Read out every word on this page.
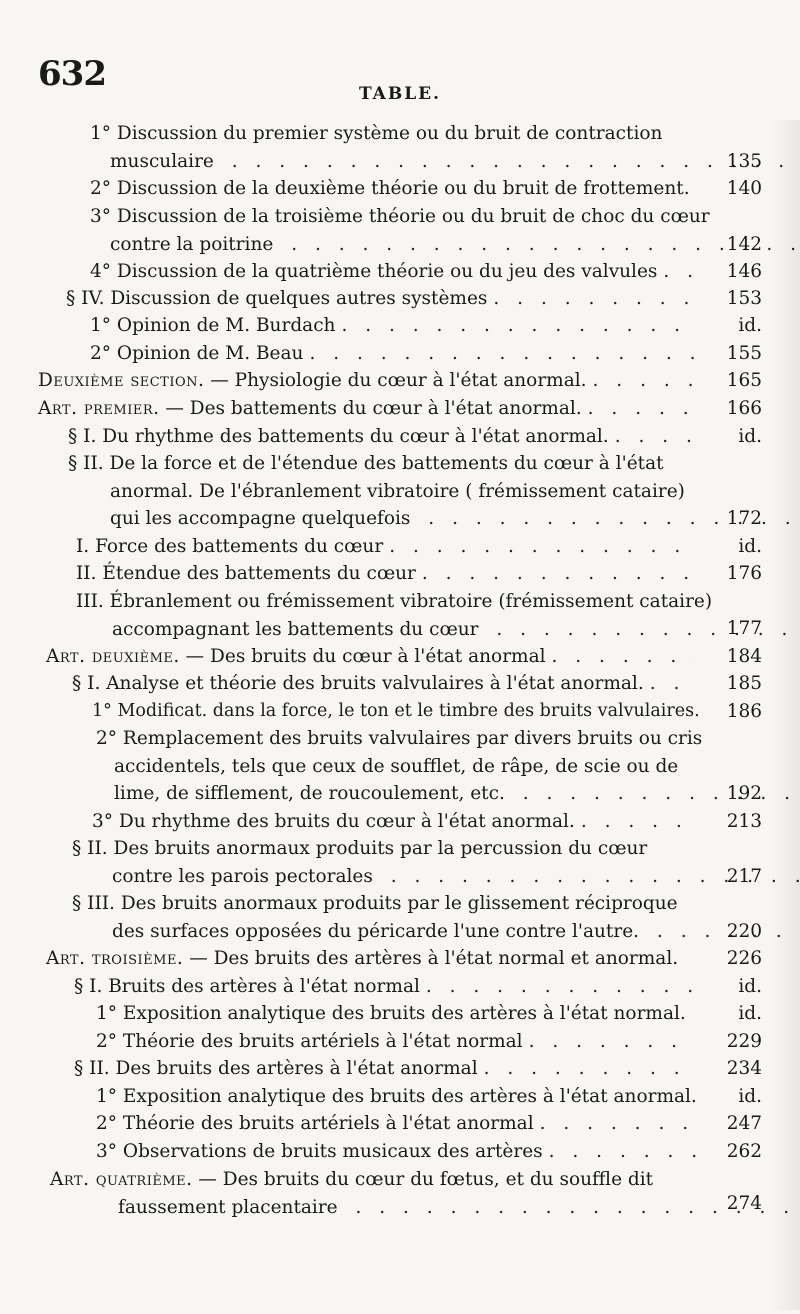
632	TABLE.
1° Discussion du premier système ou du bruit de contraction
musculaire . . .	135
2° Discussion de la deuxième théorie ou du bruit de frottement. 140
3° Discussion de la troisième théorie ou du bruit de choc du cœur
contre la poitrine . . .	142
4° Discussion de la quatrième théorie ou du jeu des valvules . . .	146
§ IV. Discussion de quelques autres systèmes . . .	153
1° Opinion de M. Burdach . . .	id.
2° Opinion de M. Beau . . .	155
Deuxième section. — Physiologie du cœur à l'état anormal. . . .	165
Art. premier. — Des battements du cœur à l'état anormal. . . .	166
§ I. Du rhythme des battements du cœur à l'état anormal. . . .	id.
§ II. De la force et de l'étendue des battements du cœur à l'état
anormal. De l'ébranlement vibratoire ( frémissement cataire)
qui les accompagne quelquefois . . .	172
I. Force des battements du cœur . . .	id.
II. Étendue des battements du cœur . . .	176
III. Ébranlement ou frémissement vibratoire (frémissement cataire)
accompagnant les battements du cœur . . .	177
Art. deuxième. — Des bruits du cœur à l'état anormal . . .	184
§ I. Analyse et théorie des bruits valvulaires à l'état anormal. . . .	185
1° Modificat. dans la force, le ton et le timbre des bruits valvulaires. 186
2° Remplacement des bruits valvulaires par divers bruits ou cris
accidentels, tels que ceux de soufflet, de râpe, de scie ou de
lime, de sifflement, de roucoulement, etc. . . .	192
3° Du rhythme des bruits du cœur à l'état anormal. . . .	213
§ II. Des bruits anormaux produits par la percussion du cœur
contre les parois pectorales . . .	217
§ III. Des bruits anormaux produits par le glissement réciproque
des surfaces opposées du péricarde l'une contre l'autre. . . .	220
Art. troisième. — Des bruits des artères à l'état normal et anormal.	226
§ I. Bruits des artères à l'état normal . . .	id.
1° Exposition analytique des bruits des artères à l'état normal.	id.
2° Théorie des bruits artériels à l'état normal . . .	229
§ II. Des bruits des artères à l'état anormal . . .	234
1° Exposition analytique des bruits des artères à l'état anormal. id.
2° Théorie des bruits artériels à l'état anormal . . .	247
3° Observations de bruits musicaux des artères . . .	262
Art. quatrième. — Des bruits du cœur du fœtus, et du souffle dit
faussement placentaire . . .	274
